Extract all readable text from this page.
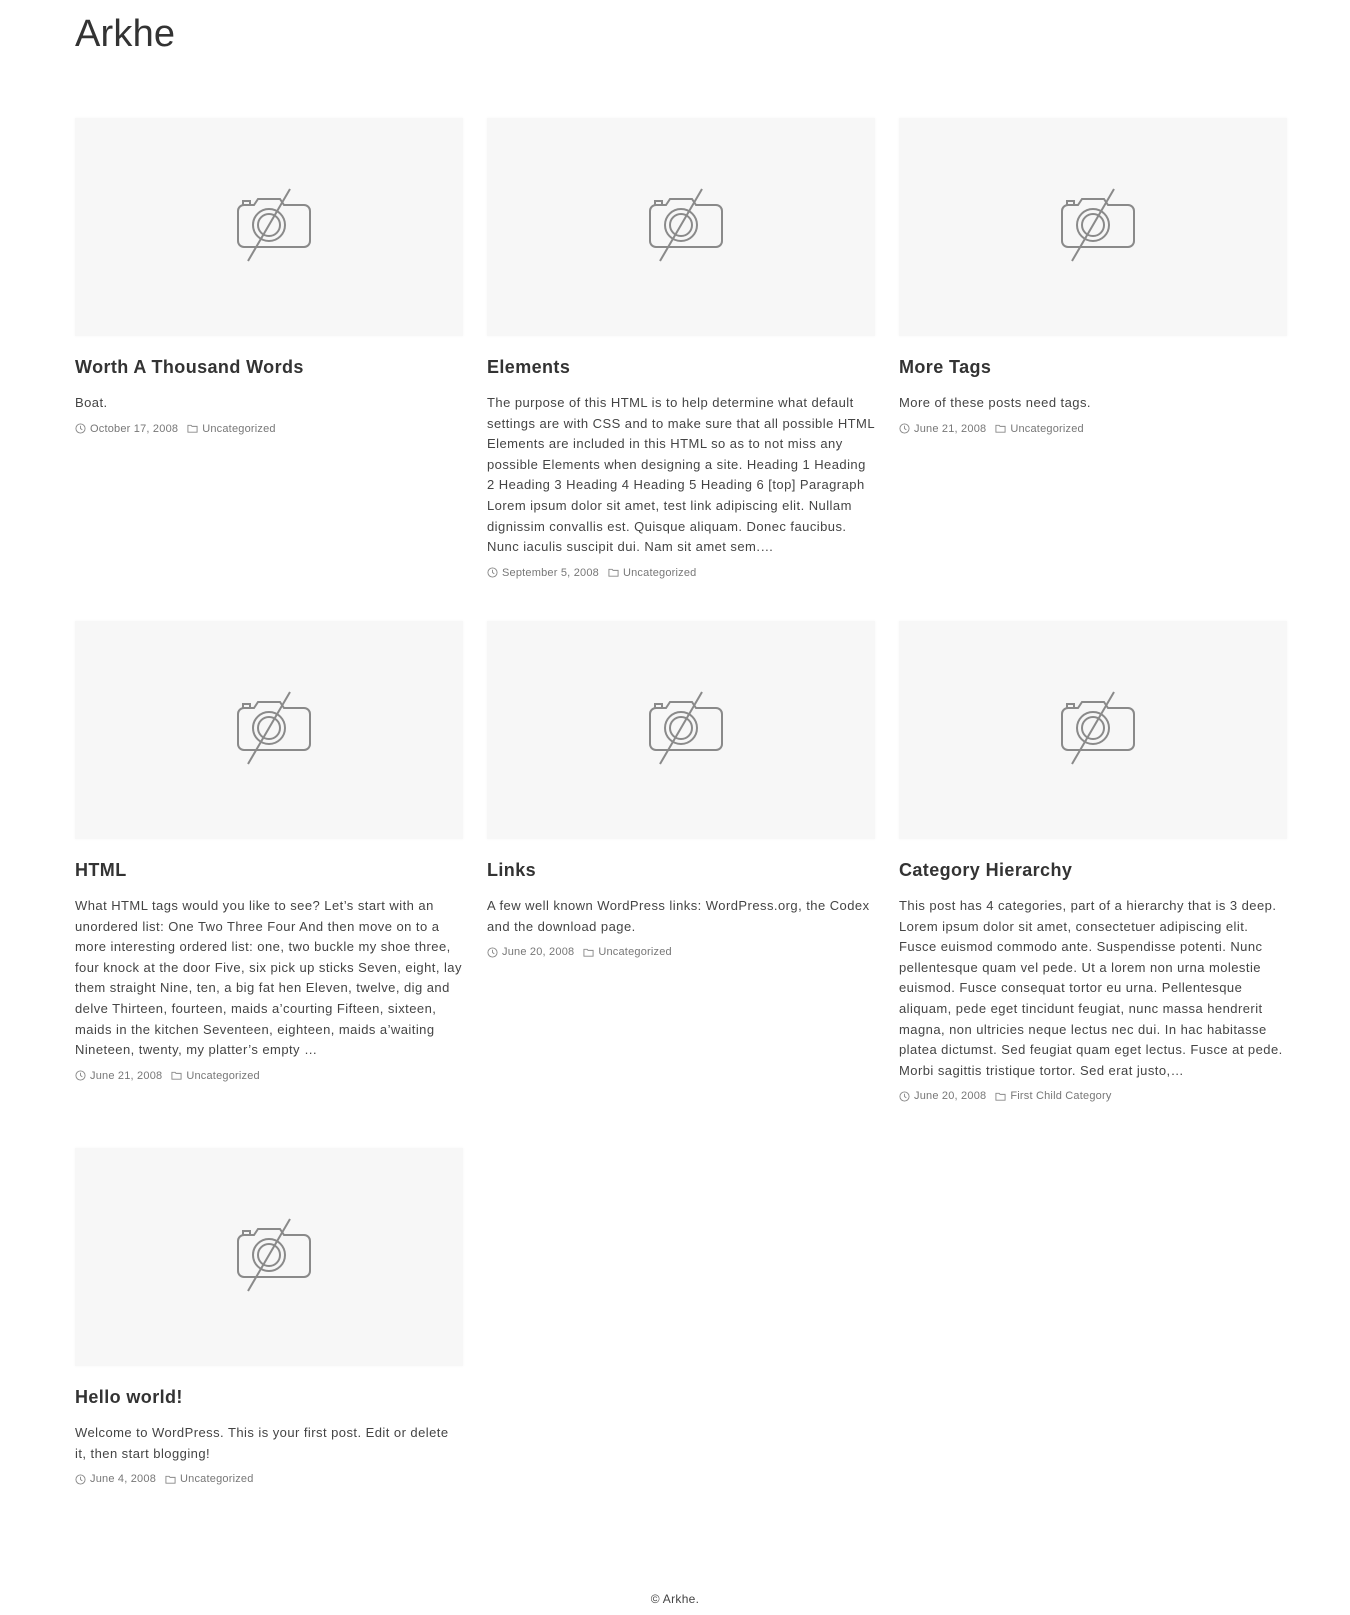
Arkhe
Worth A Thousand Words

Boat.

October 17, 2008 Uncategorized
Elements

The purpose of this HTML is to help determine what default settings are with CSS and to make sure that all possible HTML Elements are included in this HTML so as to not miss any possible Elements when designing a site. Heading 1 Heading 2 Heading 3 Heading 4 Heading 5 Heading 6 [top] Paragraph Lorem ipsum dolor sit amet, test link adipiscing elit. Nullam dignissim convallis est. Quisque aliquam. Donec faucibus. Nunc iaculis suscipit dui. Nam sit amet sem.…

September 5, 2008 Uncategorized
More Tags

More of these posts need tags.

June 21, 2008 Uncategorized
HTML

What HTML tags would you like to see? Let’s start with an unordered list: One Two Three Four And then move on to a more interesting ordered list: one, two buckle my shoe three, four knock at the door Five, six pick up sticks Seven, eight, lay them straight Nine, ten, a big fat hen Eleven, twelve, dig and delve Thirteen, fourteen, maids a’courting Fifteen, sixteen, maids in the kitchen Seventeen, eighteen, maids a’waiting Nineteen, twenty, my platter’s empty …

June 21, 2008 Uncategorized
Links

A few well known WordPress links: WordPress.org, the Codex and the download page.

June 20, 2008 Uncategorized
Category Hierarchy

This post has 4 categories, part of a hierarchy that is 3 deep. Lorem ipsum dolor sit amet, consectetuer adipiscing elit. Fusce euismod commodo ante. Suspendisse potenti. Nunc pellentesque quam vel pede. Ut a lorem non urna molestie euismod. Fusce consequat tortor eu urna. Pellentesque aliquam, pede eget tincidunt feugiat, nunc massa hendrerit magna, non ultricies neque lectus nec dui. In hac habitasse platea dictumst. Sed feugiat quam eget lectus. Fusce at pede. Morbi sagittis tristique tortor. Sed erat justo,…

June 20, 2008 First Child Category
Hello world!

Welcome to WordPress. This is your first post. Edit or delete it, then start blogging!

June 4, 2008 Uncategorized
© Arkhe.
